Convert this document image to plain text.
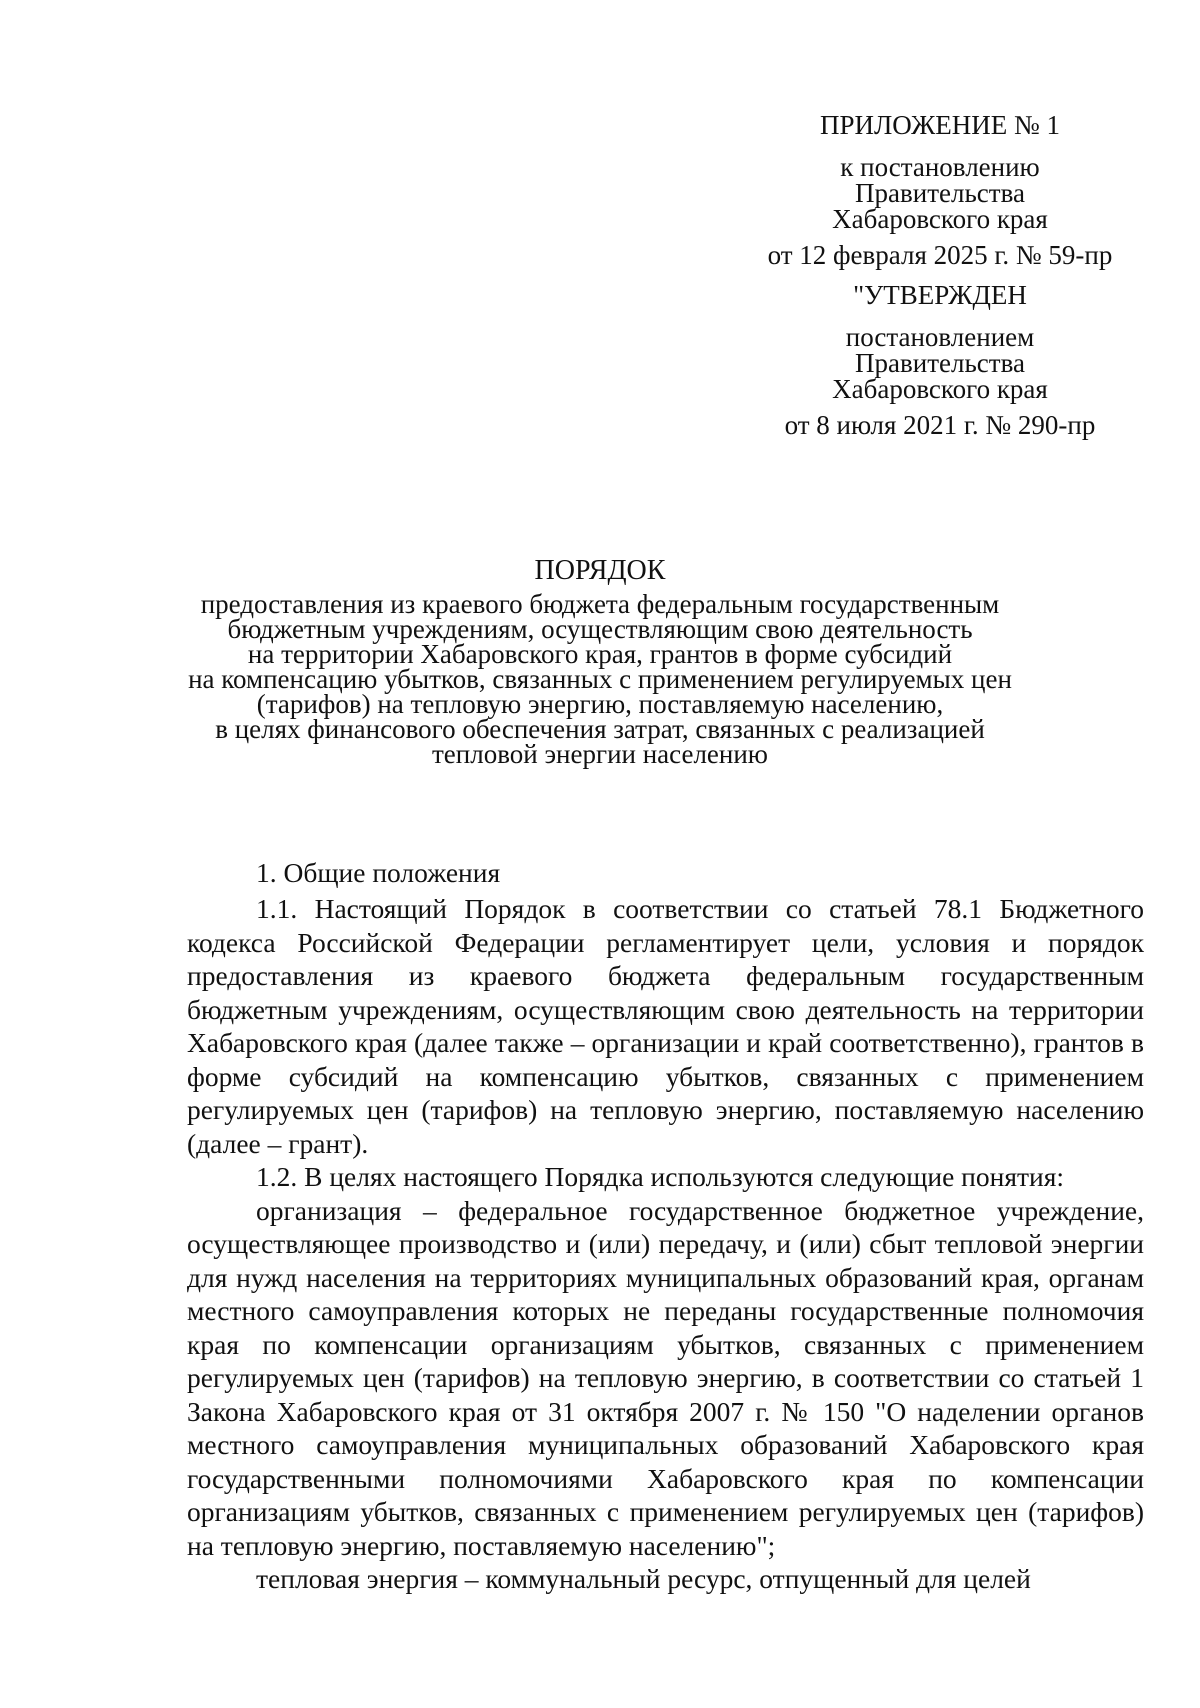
ПРИЛОЖЕНИЕ № 1
к постановлению
Правительства
Хабаровского края
от 12 февраля 2025 г. № 59-пр
"УТВЕРЖДЕН
постановлением
Правительства
Хабаровского края
от 8 июля 2021 г. № 290-пр
ПОРЯДОК
предоставления из краевого бюджета федеральным государственным
бюджетным учреждениям, осуществляющим свою деятельность
на территории Хабаровского края, грантов в форме субсидий
на компенсацию убытков, связанных с применением регулируемых цен
(тарифов) на тепловую энергию, поставляемую населению,
в целях финансового обеспечения затрат, связанных с реализацией
тепловой энергии населению
1. Общие положения

1.1. Настоящий Порядок в соответствии со статьей 78.1 Бюджетного кодекса Российской Федерации регламентирует цели, условия и порядок предоставления из краевого бюджета федеральным государственным бюджетным учреждениям, осуществляющим свою деятельность на территории Хабаровского края (далее также – организации и край соответственно), грантов в форме субсидий на компенсацию убытков, связанных с применением регулируемых цен (тарифов) на тепловую энергию, поставляемую населению (далее – грант).

1.2. В целях настоящего Порядка используются следующие понятия:

организация – федеральное государственное бюджетное учреждение, осуществляющее производство и (или) передачу, и (или) сбыт тепловой энергии для нужд населения на территориях муниципальных образований края, органам местного самоуправления которых не переданы государственные полномочия края по компенсации организациям убытков, связанных с применением регулируемых цен (тарифов) на тепловую энергию, в соответствии со статьей 1 Закона Хабаровского края от 31 октября 2007 г. № 150 "О наделении органов местного самоуправления муниципальных образований Хабаровского края государственными полномочиями Хабаровского края по компенсации организациям убытков, связанных с применением регулируемых цен (тарифов) на тепловую энергию, поставляемую населению";

тепловая энергия – коммунальный ресурс, отпущенный для целей
